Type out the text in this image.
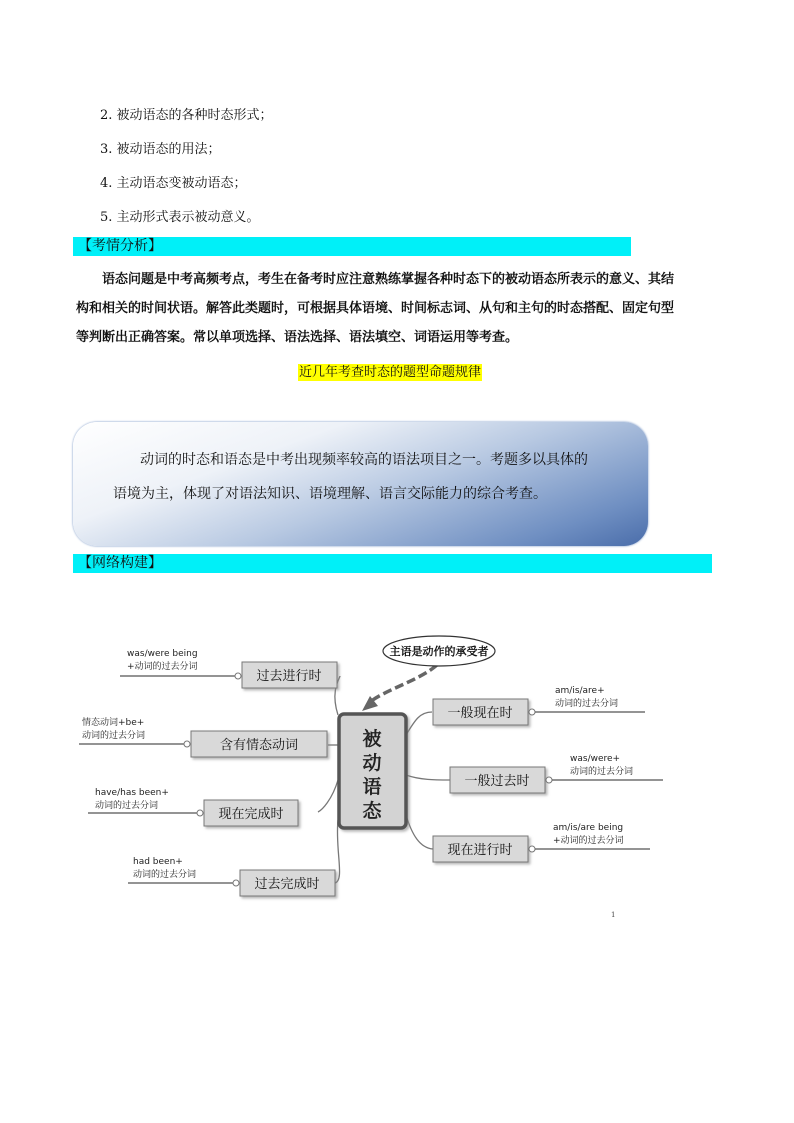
2. 被动语态的各种时态形式；
3. 被动语态的用法；
4. 主动语态变被动语态；
5. 主动形式表示被动意义。
【考情分析】

语态问题是中考高频考点，考生在备考时应注意熟练掌握各种时态下的被动语态所表示的意义、其结

构和相关的时间状语。解答此类题时，可根据具体语境、时间标志词、从句和主句的时态搭配、固定句型

等判断出正确答案。常以单项选择、语法选择、语法填空、词语运用等考查。

近几年考查时态的题型命题规律
动词的时态和语态是中考出现频率较高的语法项目之一。考题多以具体的
语境为主，体现了对语法知识、语境理解、语言交际能力的综合考查。
【网络构建】
主语是动作的承受者
被
动
语
态
过去进行时
was/were being
+动词的过去分词
含有情态动词
情态动词+be+
动词的过去分词
现在完成时
have/has been+
动词的过去分词
过去完成时
had been+
动词的过去分词
一般现在时
am/is/are+
动词的过去分词
一般过去时
was/were+
动词的过去分词
现在进行时
am/is/are being
+动词的过去分词
1
